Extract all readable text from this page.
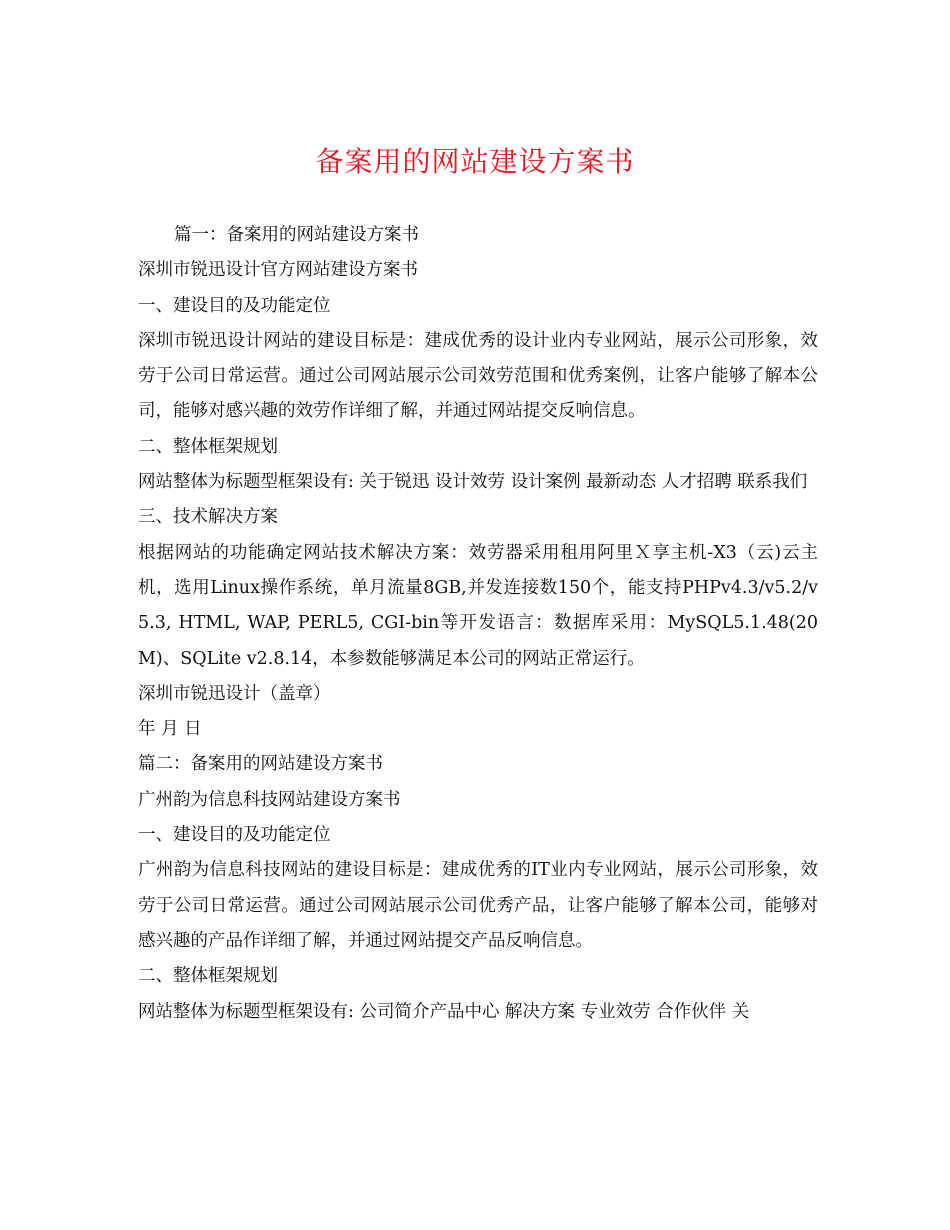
备案用的网站建设方案书

篇一：备案用的网站建设方案书

深圳市锐迅设计官方网站建设方案书

一、建设目的及功能定位

深圳市锐迅设计网站的建设目标是：建成优秀的设计业内专业网站，展示公司形象，效劳于公司日常运营。通过公司网站展示公司效劳范围和优秀案例，让客户能够了解本公司，能够对感兴趣的效劳作详细了解，并通过网站提交反响信息。

二、整体框架规划

网站整体为标题型框架设有: 关于锐迅 设计效劳 设计案例 最新动态 人才招聘 联系我们

三、技术解决方案

根据网站的功能确定网站技术解决方案：效劳器采用租用阿里Ｘ享主机-X3（云)云主机，选用Linux操作系统，单月流量8GB,并发连接数150个，能支持PHPv4.3/v5.2/v5.3, HTML, WAP, PERL5, CGI-bin等开发语言：数据库采用：MySQL5.1.48(20M)、SQLite v2.8.14，本参数能够满足本公司的网站正常运行。

深圳市锐迅设计（盖章）

年 月 日

篇二：备案用的网站建设方案书

广州韵为信息科技网站建设方案书

一、建设目的及功能定位

广州韵为信息科技网站的建设目标是：建成优秀的IT业内专业网站，展示公司形象，效劳于公司日常运营。通过公司网站展示公司优秀产品，让客户能够了解本公司，能够对感兴趣的产品作详细了解，并通过网站提交产品反响信息。

二、整体框架规划

网站整体为标题型框架设有: 公司简介产品中心 解决方案 专业效劳 合作伙伴 关
